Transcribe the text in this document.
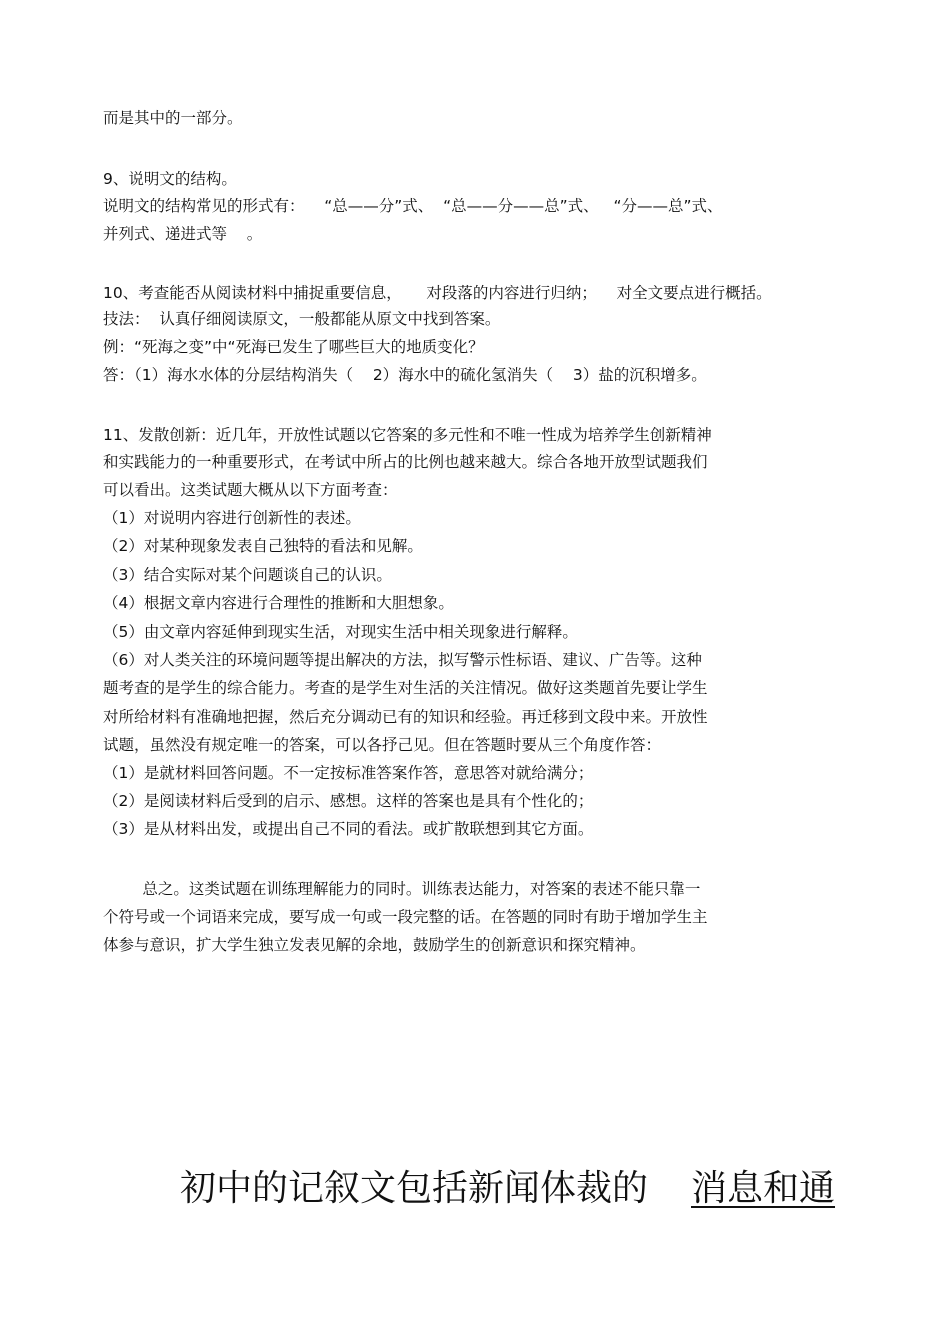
而是其中的一部分。
9、说明文的结构。
说明文的结构常见的形式有：    “总——分”式、  “总——分——总”式、   “分——总”式、
并列式、递进式等    。
10、考查能否从阅读材料中捕捉重要信息，     对段落的内容进行归纳；    对全文要点进行概括。
技法：  认真仔细阅读原文，一般都能从原文中找到答案。
例：“死海之变”中“死海已发生了哪些巨大的地质变化？
答：（1）海水水体的分层结构消失（    2）海水中的硫化氢消失（    3）盐的沉积增多。
11、发散创新：近几年，开放性试题以它答案的多元性和不唯一性成为培养学生创新精神
和实践能力的一种重要形式，在考试中所占的比例也越来越大。综合各地开放型试题我们
可以看出。这类试题大概从以下方面考查：
（1）对说明内容进行创新性的表述。
（2）对某种现象发表自己独特的看法和见解。
（3）结合实际对某个问题谈自己的认识。
（4）根据文章内容进行合理性的推断和大胆想象。
（5）由文章内容延伸到现实生活，对现实生活中相关现象进行解释。
（6）对人类关注的环境问题等提出解决的方法，拟写警示性标语、建议、广告等。这种
题考查的是学生的综合能力。考查的是学生对生活的关注情况。做好这类题首先要让学生
对所给材料有准确地把握，然后充分调动已有的知识和经验。再迁移到文段中来。开放性
试题，虽然没有规定唯一的答案，可以各抒己见。但在答题时要从三个角度作答：
（1）是就材料回答问题。不一定按标准答案作答，意思答对就给满分；
（2）是阅读材料后受到的启示、感想。这样的答案也是具有个性化的；
（3）是从材料出发，或提出自己不同的看法。或扩散联想到其它方面。
总之。这类试题在训练理解能力的同时。训练表达能力，对答案的表述不能只靠一
个符号或一个词语来完成，要写成一句或一段完整的话。在答题的同时有助于增加学生主
体参与意识，扩大学生独立发表见解的余地，鼓励学生的创新意识和探究精神。
初中的记叙文包括新闻体裁的 消息和通
